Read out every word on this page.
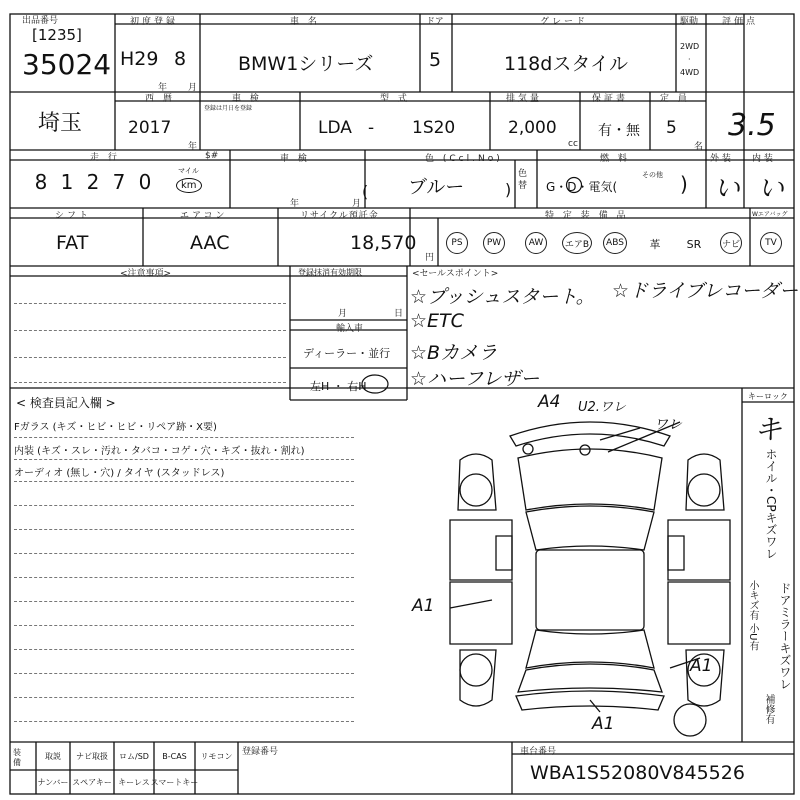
出品番号
[1235]
35024
初度登録
H29 8
年 月
車 名
BMW1シリーズ
ドア
5
グレード
118dスタイル
駆動
2WD
·
4WD
評価点
埼玉
西 暦
2017
年
車 検
登録は月日を登録
型 式
LDA - 1S20
排気量
2,000
cc
保証書
有・無
定 員
5
名
3.5
走 行
8 1 2 7 0	マイル
km
$#	車 検
年	月
(
色 (Ccl.No)
ブルー	)
色替
燃 料
G・D・電気(
その他 )
外 装 内 装
い い
シフト
FAT
エアコン
AAC
リサイクル預託金
18,570
円
特 定 装 備 品	Wエアバッグ
PS	PW	AW	エアB	ABS	革	SR	ナビ	TV
<注意事項>	登録抹消有効期限
月	日
輸入車
ディーラー・並行
左H ・ 右H
<セールスポイント>
☆プッシュスタート。 ☆ドライブレコーダー
☆ETC
☆Bカメラ
☆ハーフレザー
< 検査員記入欄 >
Fガラス (キズ・ヒビ・ヒビ・リペア跡・X要)
内装 (キズ・スレ・汚れ・タバコ・コゲ・穴・キズ・抜れ・割れ)
オーディオ (無し・穴) / タイヤ (スタッドレス)
A4 U2.ワレ
ワレ
A1
A1
A1
キーロック
キ
ホイル・CPキズワレ
小キズ有 小U有 ドアミラーキズワレ
補修有
装
備
取説	ナビ取扱	ロム/SD	B-CAS	リモコン
ナンバー スペアキー キーレス スマートキー
登録番号	車台番号
WBA1S52080V845526
